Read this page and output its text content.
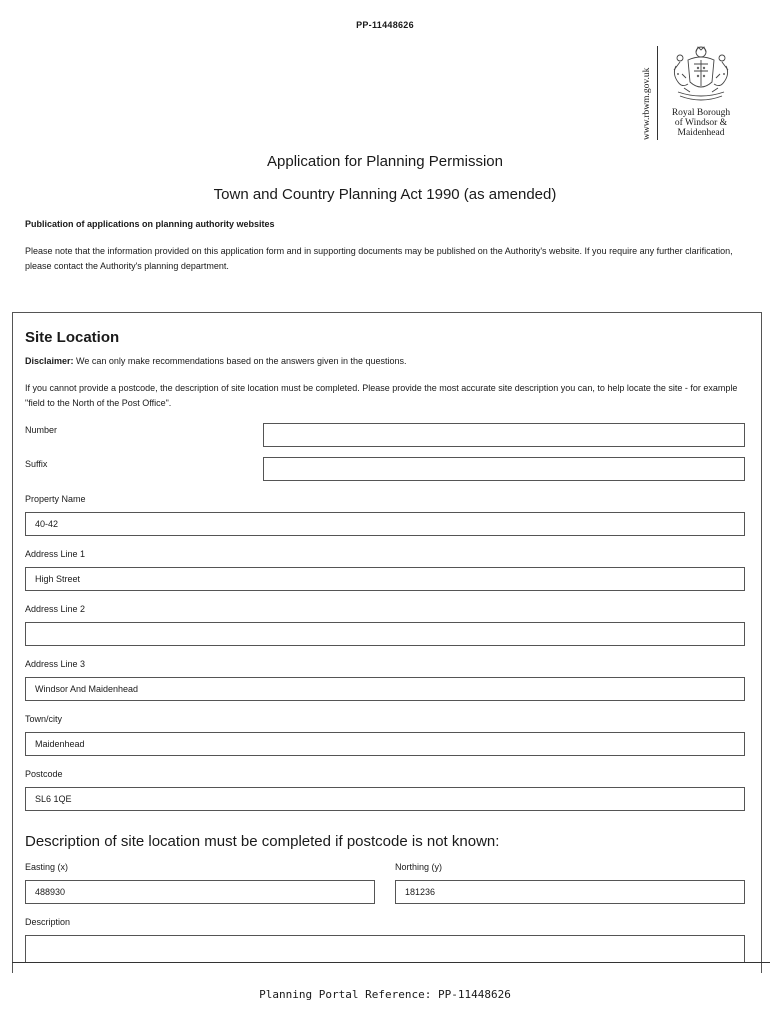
PP-11448626
www.rbwm.gov.uk	Royal Borough
of Windsor &
Maidenhead
Application for Planning Permission
Town and Country Planning Act 1990 (as amended)
Publication of applications on planning authority websites
Please note that the information provided on this application form and in supporting documents may be published on the Authority's website. If you require any further clarification, please contact the Authority's planning department.
Site Location
Disclaimer: We can only make recommendations based on the answers given in the questions.
If you cannot provide a postcode, the description of site location must be completed. Please provide the most accurate site description you can, to help locate the site - for example "field to the North of the Post Office".
Number
Suffix
Property Name
40-42
Address Line 1
High Street
Address Line 2
Address Line 3
Windsor And Maidenhead
Town/city
Maidenhead
Postcode
SL6 1QE
Description of site location must be completed if postcode is not known:
Easting (x)
488930
Northing (y)
181236
Description
Planning Portal Reference: PP-11448626
